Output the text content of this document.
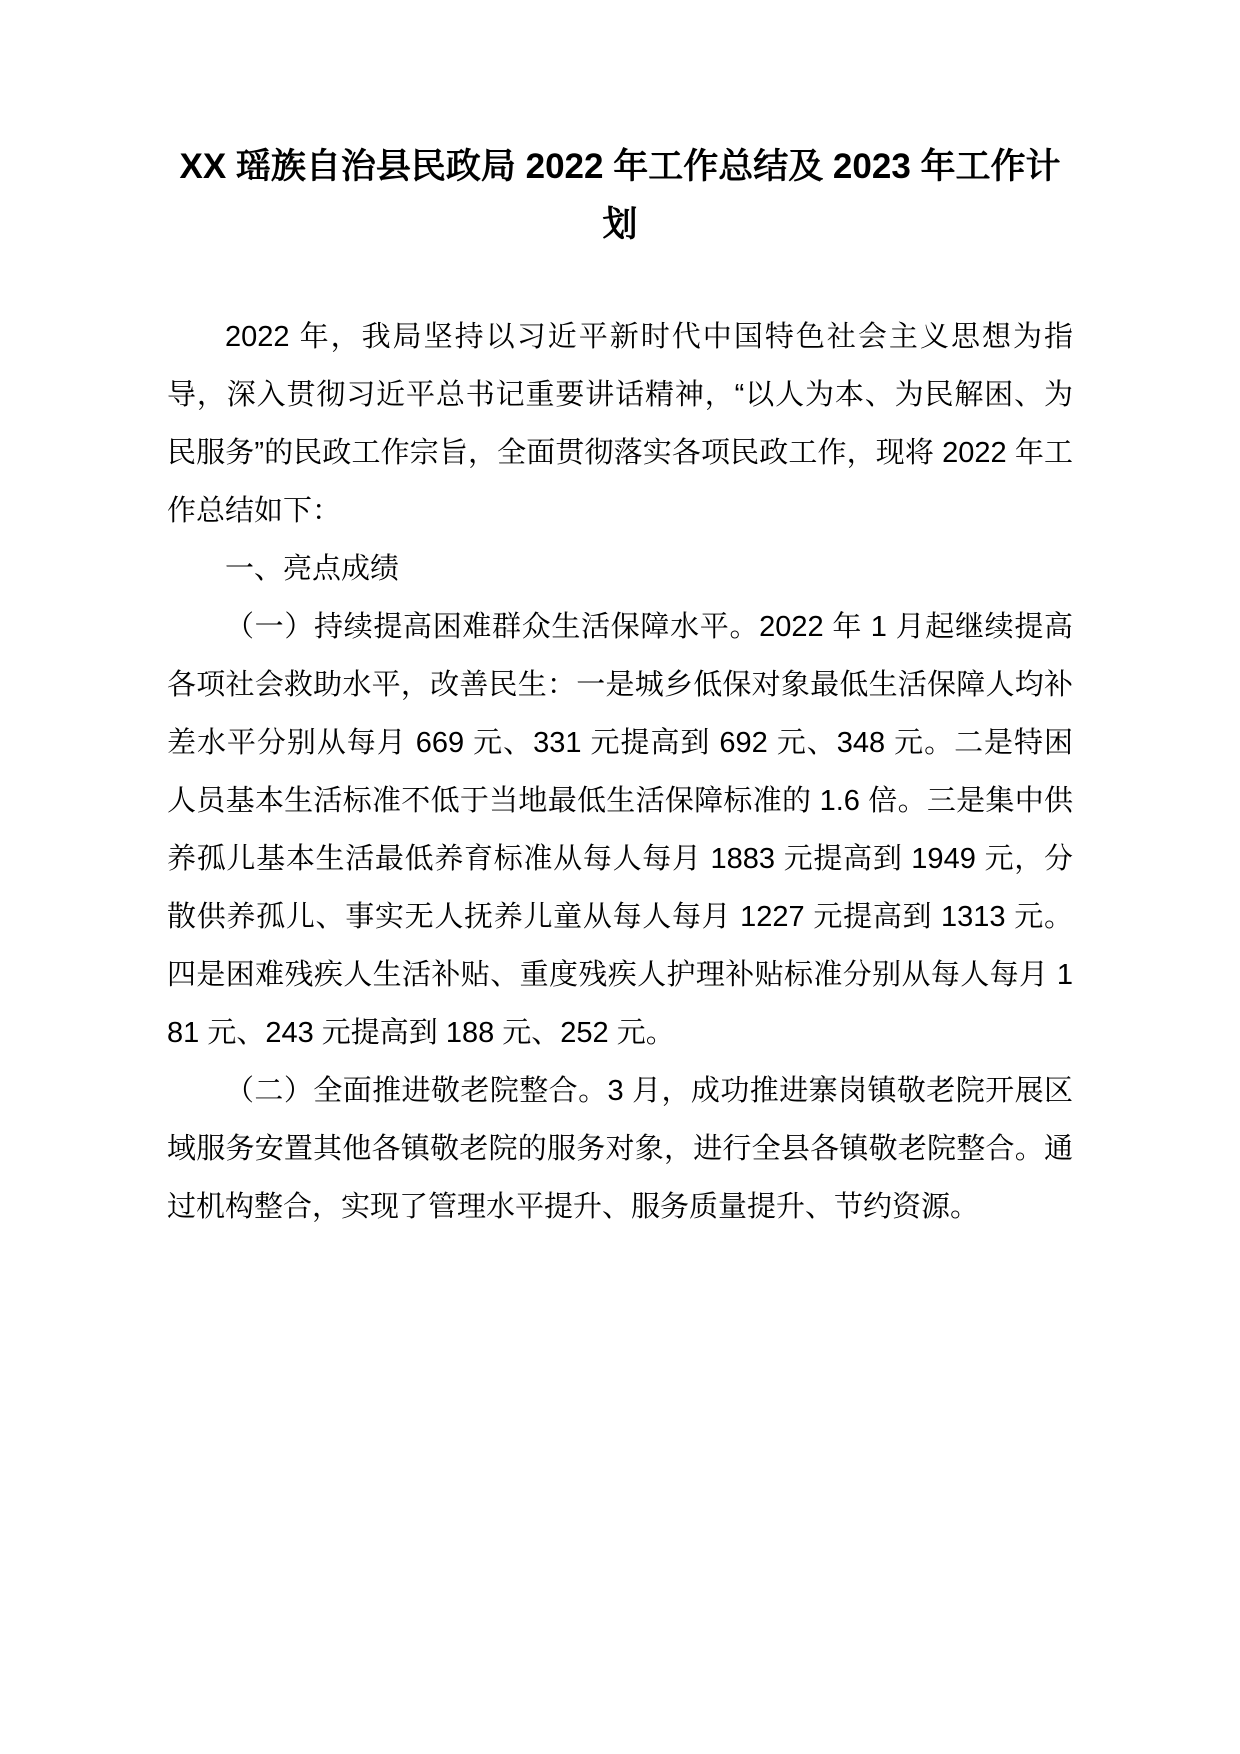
XX 瑶族自治县民政局 2022 年工作总结及 2023 年工作计划

2022 年，我局坚持以习近平新时代中国特色社会主义思想为指导，深入贯彻习近平总书记重要讲话精神，“以人为本、为民解困、为民服务”的民政工作宗旨，全面贯彻落实各项民政工作，现将 2022 年工作总结如下：

一、亮点成绩

（一）持续提高困难群众生活保障水平。2022 年 1 月起继续提高各项社会救助水平，改善民生：一是城乡低保对象最低生活保障人均补差水平分别从每月 669 元、331 元提高到 692 元、348 元。二是特困人员基本生活标准不低于当地最低生活保障标准的 1.6 倍。三是集中供养孤儿基本生活最低养育标准从每人每月 1883 元提高到 1949 元，分散供养孤儿、事实无人抚养儿童从每人每月 1227 元提高到 1313 元。四是困难残疾人生活补贴、重度残疾人护理补贴标准分别从每人每月 181 元、243 元提高到 188 元、252 元。

（二）全面推进敬老院整合。3 月，成功推进寨岗镇敬老院开展区域服务安置其他各镇敬老院的服务对象，进行全县各镇敬老院整合。通过机构整合，实现了管理水平提升、服务质量提升、节约资源。
